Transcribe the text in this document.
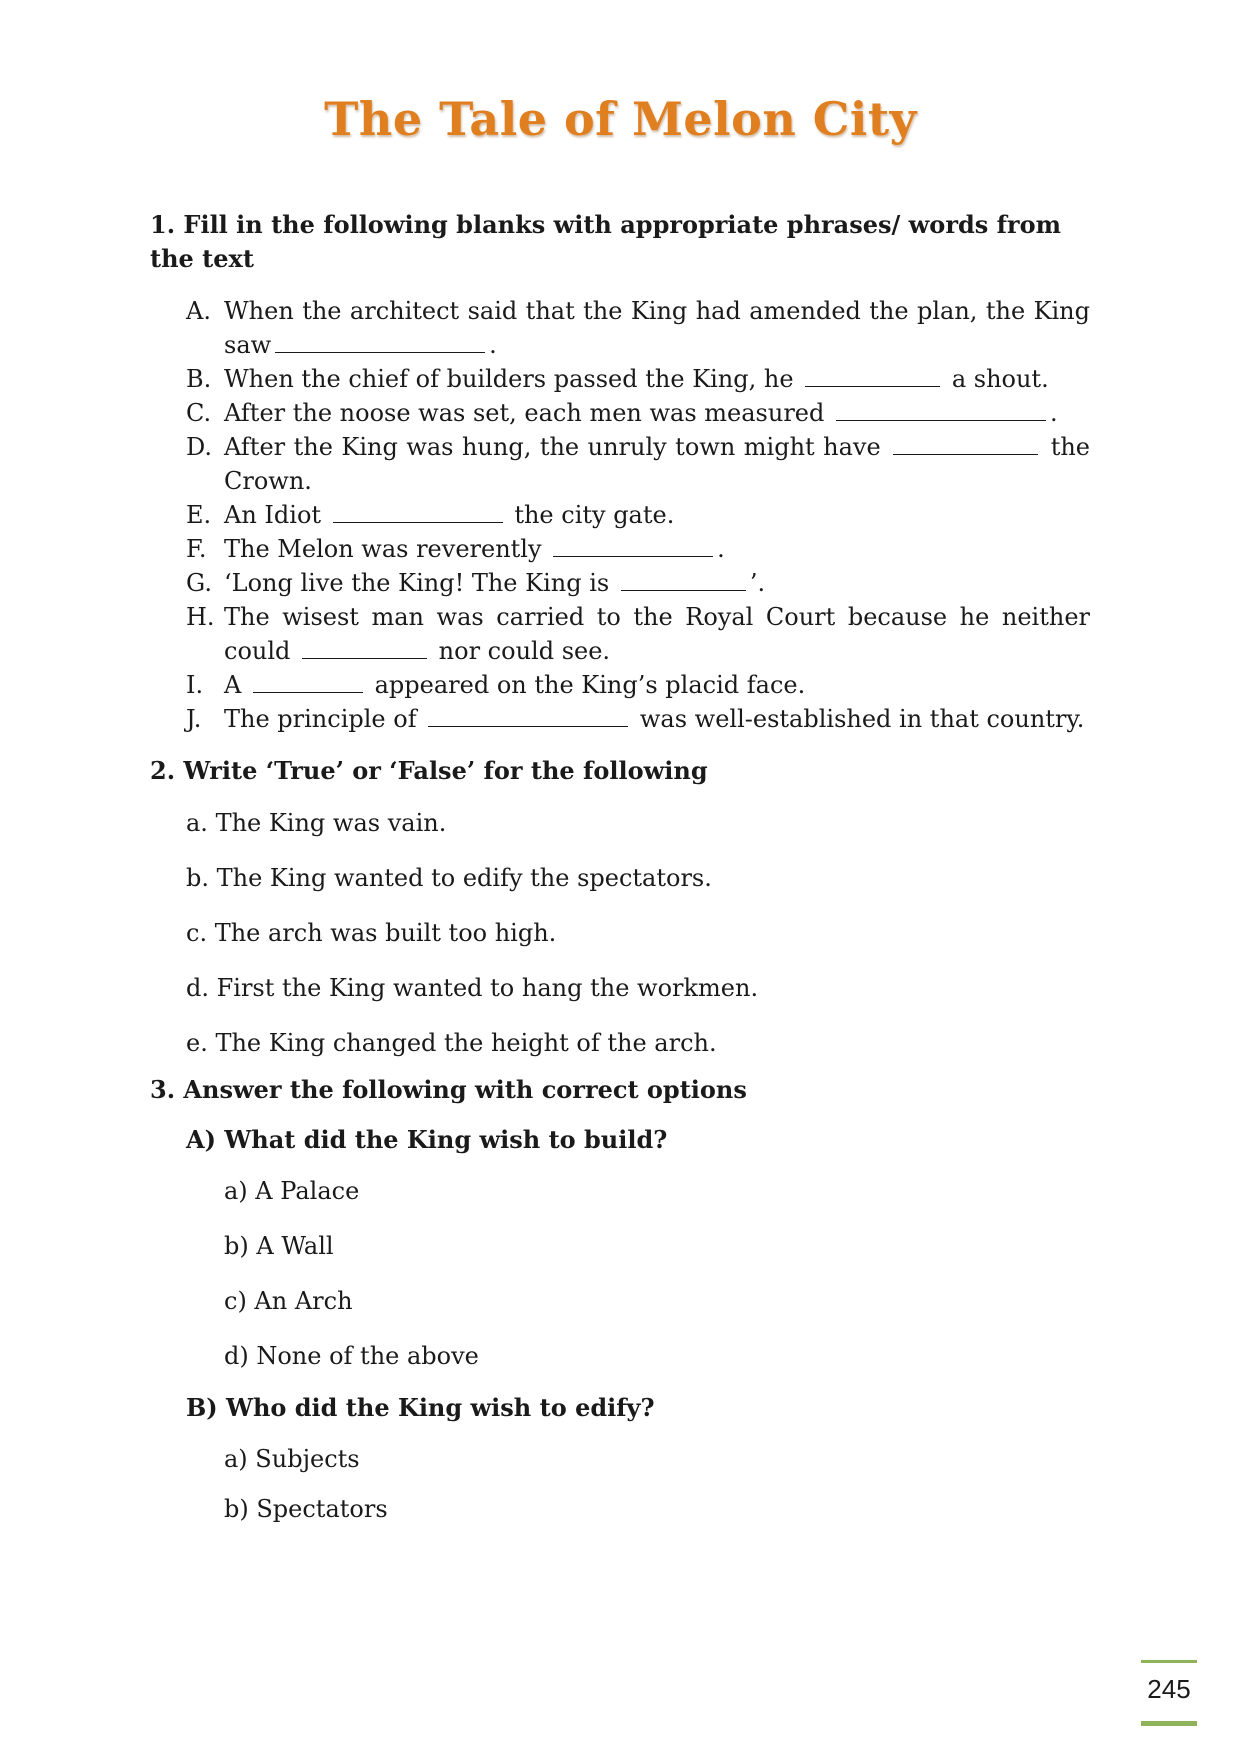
The Tale of Melon City

1. Fill in the following blanks with appropriate phrases/ words from the text

A. When the architect said that the King had amended the plan, the King saw	.
B. When the chief of builders passed the King, he	a shout.
C. After the noose was set, each men was measured	.
D. After the King was hung, the unruly town might have	the Crown.
E. An Idiot	the city gate.
F. The Melon was reverently	.
G. ‘Long live the King! The King is	’.
H. The wisest man was carried to the Royal Court because he neither could	nor could see.
I. A	appeared on the King’s placid face.
J. The principle of	was well-established in that country.

2. Write ‘True’ or ‘False’ for the following

a. The King was vain.
b. The King wanted to edify the spectators.
c. The arch was built too high.
d. First the King wanted to hang the workmen.
e. The King changed the height of the arch.

3. Answer the following with correct options

A) What did the King wish to build?

a) A Palace
b) A Wall
c) An Arch
d) None of the above

B) Who did the King wish to edify?

a) Subjects
b) Spectators
245
